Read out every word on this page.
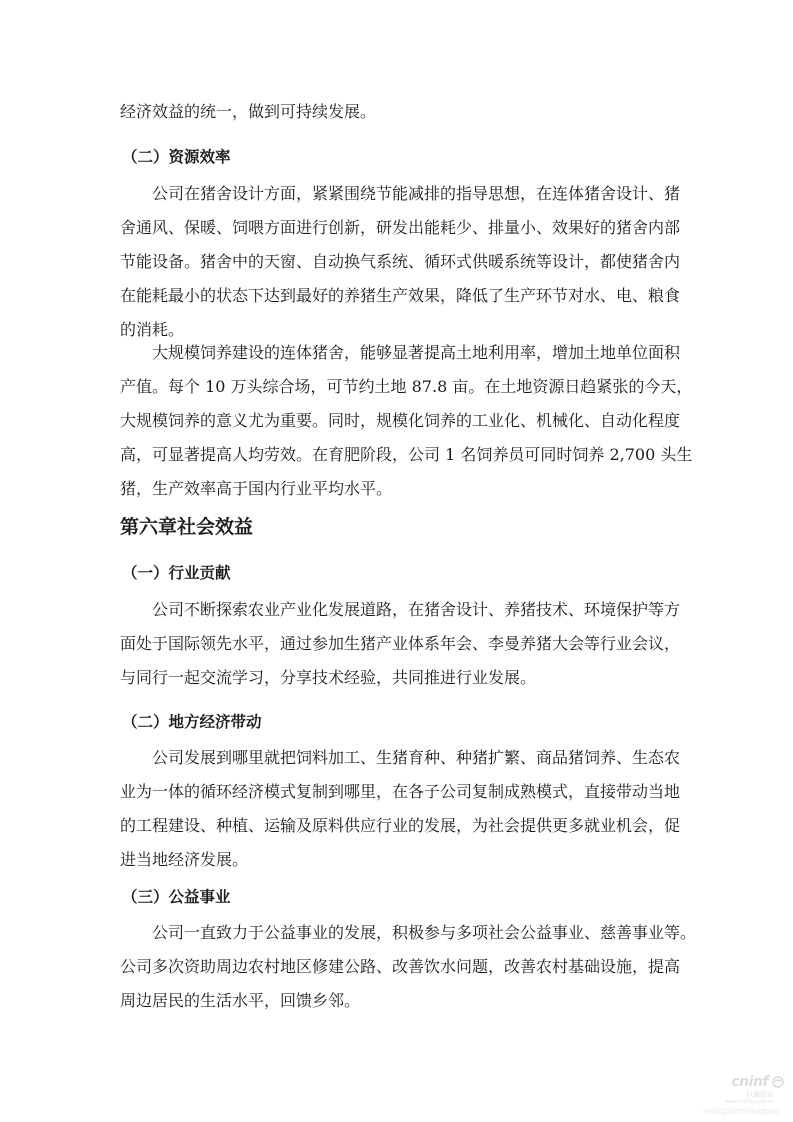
经济效益的统一，做到可持续发展。
（二）资源效率
公司在猪舍设计方面，紧紧围绕节能减排的指导思想，在连体猪舍设计、猪
舍通风、保暖、饲喂方面进行创新，研发出能耗少、排量小、效果好的猪舍内部
节能设备。猪舍中的天窗、自动换气系统、循环式供暖系统等设计，都使猪舍内
在能耗最小的状态下达到最好的养猪生产效果，降低了生产环节对水、电、粮食
的消耗。
大规模饲养建设的连体猪舍，能够显著提高土地利用率，增加土地单位面积
产值。每个 10 万头综合场，可节约土地 87.8 亩。在土地资源日趋紧张的今天，
大规模饲养的意义尤为重要。同时，规模化饲养的工业化、机械化、自动化程度
高，可显著提高人均劳效。在育肥阶段，公司 1 名饲养员可同时饲养 2,700 头生
猪，生产效率高于国内行业平均水平。
第六章社会效益
（一）行业贡献
公司不断探索农业产业化发展道路，在猪舍设计、养猪技术、环境保护等方
面处于国际领先水平，通过参加生猪产业体系年会、李曼养猪大会等行业会议，
与同行一起交流学习，分享技术经验，共同推进行业发展。
（二）地方经济带动
公司发展到哪里就把饲料加工、生猪育种、种猪扩繁、商品猪饲养、生态农
业为一体的循环经济模式复制到哪里，在各子公司复制成熟模式，直接带动当地
的工程建设、种植、运输及原料供应行业的发展，为社会提供更多就业机会，促
进当地经济发展。
（三）公益事业
公司一直致力于公益事业的发展，积极参与多项社会公益事业、慈善事业等。
公司多次资助周边农村地区修建公路、改善饮水问题，改善农村基础设施，提高
周边居民的生活水平，回馈乡邻。
cninf
巨潮资讯
www.cninfo.com.cn
中国证监会指定信息披露网站
